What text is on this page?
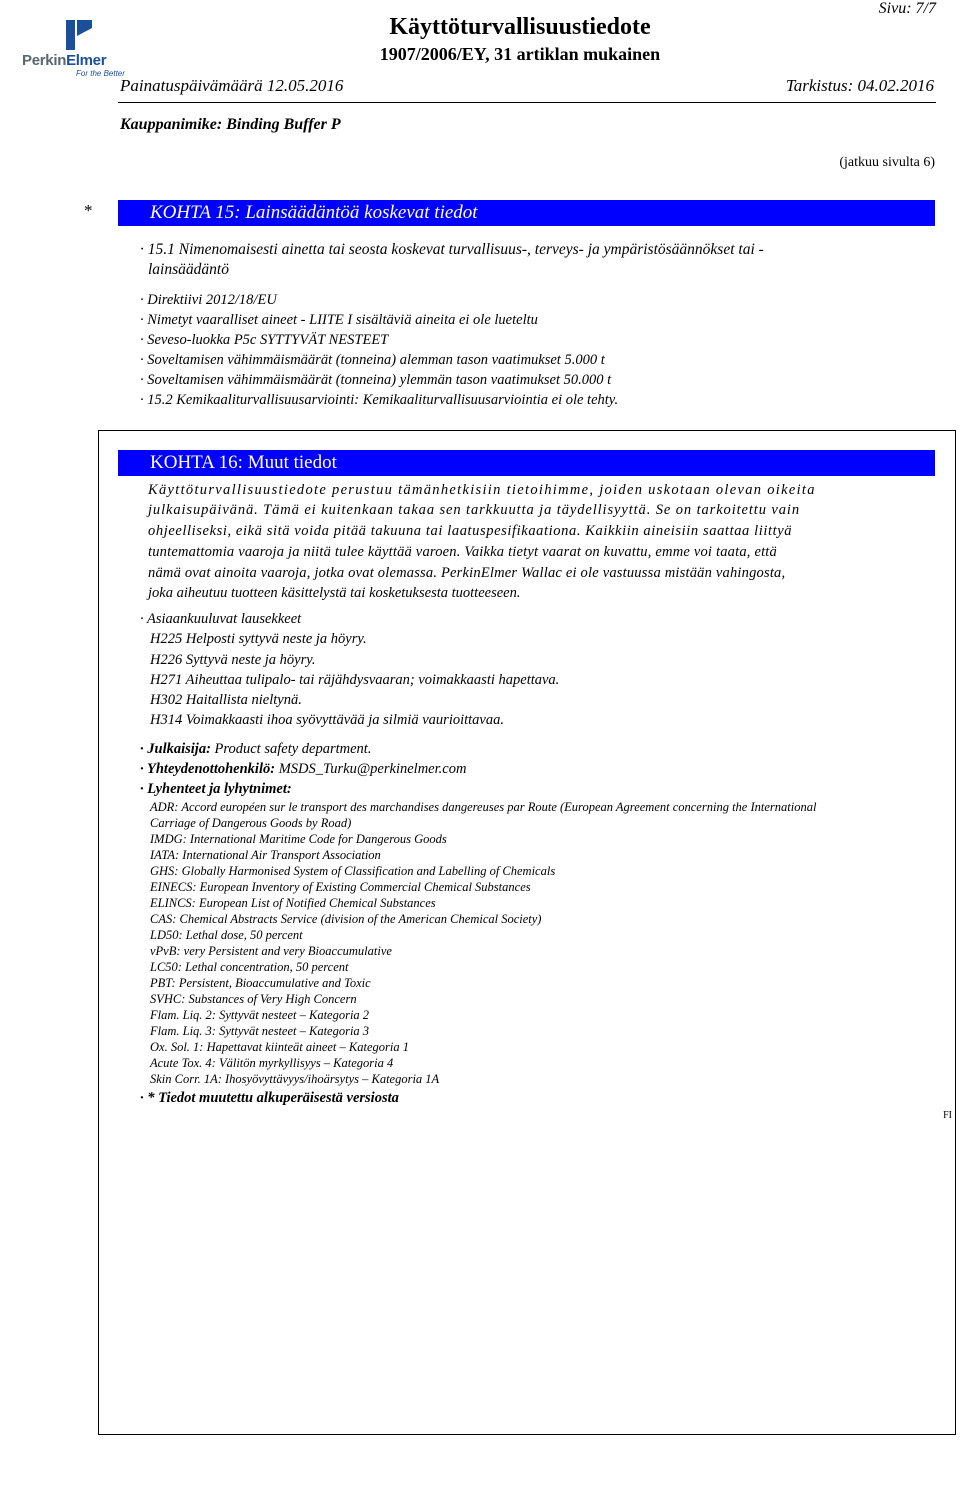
PerkinElmer
For the Better
Sivu: 7/7
Käyttöturvallisuustiedote
1907/2006/EY, 31 artiklan mukainen
Painatuspäivämäärä 12.05.2016	Tarkistus: 04.02.2016
Kauppanimike: Binding Buffer P
(jatkuu sivulta 6)
*	KOHTA 15: Lainsäädäntöä koskevat tiedot
· 15.1 Nimenomaisesti ainetta tai seosta koskevat turvallisuus-, terveys- ja ympäristösäännökset tai -
lainsäädäntö
· Direktiivi 2012/18/EU
· Nimetyt vaaralliset aineet - LIITE I sisältäviä aineita ei ole lueteltu
· Seveso-luokka P5c SYTTYVÄT NESTEET
· Soveltamisen vähimmäismäärät (tonneina) alemman tason vaatimukset 5.000 t
· Soveltamisen vähimmäismäärät (tonneina) ylemmän tason vaatimukset 50.000 t
· 15.2 Kemikaaliturvallisuusarviointi: Kemikaaliturvallisuusarviointia ei ole tehty.
KOHTA 16: Muut tiedot
Käyttöturvallisuustiedote perustuu tämänhetkisiin tietoihimme, joiden uskotaan olevan oikeita
julkaisupäivänä. Tämä ei kuitenkaan takaa sen tarkkuutta ja täydellisyyttä. Se on tarkoitettu vain
ohjeelliseksi, eikä sitä voida pitää takuuna tai laatuspesifikaationa. Kaikkiin aineisiin saattaa liittyä
tuntemattomia vaaroja ja niitä tulee käyttää varoen. Vaikka tietyt vaarat on kuvattu, emme voi taata, että
nämä ovat ainoita vaaroja, jotka ovat olemassa. PerkinElmer Wallac ei ole vastuussa mistään vahingosta,
joka aiheutuu tuotteen käsittelystä tai kosketuksesta tuotteeseen.
· Asiaankuuluvat lausekkeet
H225 Helposti syttyvä neste ja höyry.
H226 Syttyvä neste ja höyry.
H271 Aiheuttaa tulipalo- tai räjähdysvaaran; voimakkaasti hapettava.
H302 Haitallista nieltynä.
H314 Voimakkaasti ihoa syövyttävää ja silmiä vaurioittavaa.
· Julkaisija: Product safety department.
· Yhteydenottohenkilö: MSDS_Turku@perkinelmer.com
· Lyhenteet ja lyhytnimet:
ADR: Accord européen sur le transport des marchandises dangereuses par Route (European Agreement concerning the International
Carriage of Dangerous Goods by Road)
IMDG: International Maritime Code for Dangerous Goods
IATA: International Air Transport Association
GHS: Globally Harmonised System of Classification and Labelling of Chemicals
EINECS: European Inventory of Existing Commercial Chemical Substances
ELINCS: European List of Notified Chemical Substances
CAS: Chemical Abstracts Service (division of the American Chemical Society)
LD50: Lethal dose, 50 percent
vPvB: very Persistent and very Bioaccumulative
LC50: Lethal concentration, 50 percent
PBT: Persistent, Bioaccumulative and Toxic
SVHC: Substances of Very High Concern
Flam. Liq. 2: Syttyvät nesteet – Kategoria 2
Flam. Liq. 3: Syttyvät nesteet – Kategoria 3
Ox. Sol. 1: Hapettavat kiinteät aineet – Kategoria 1
Acute Tox. 4: Välitön myrkyllisyys – Kategoria 4
Skin Corr. 1A: Ihosyövyttävyys/ihoärsytys – Kategoria 1A
· * Tiedot muutettu alkuperäisestä versiosta
FI
